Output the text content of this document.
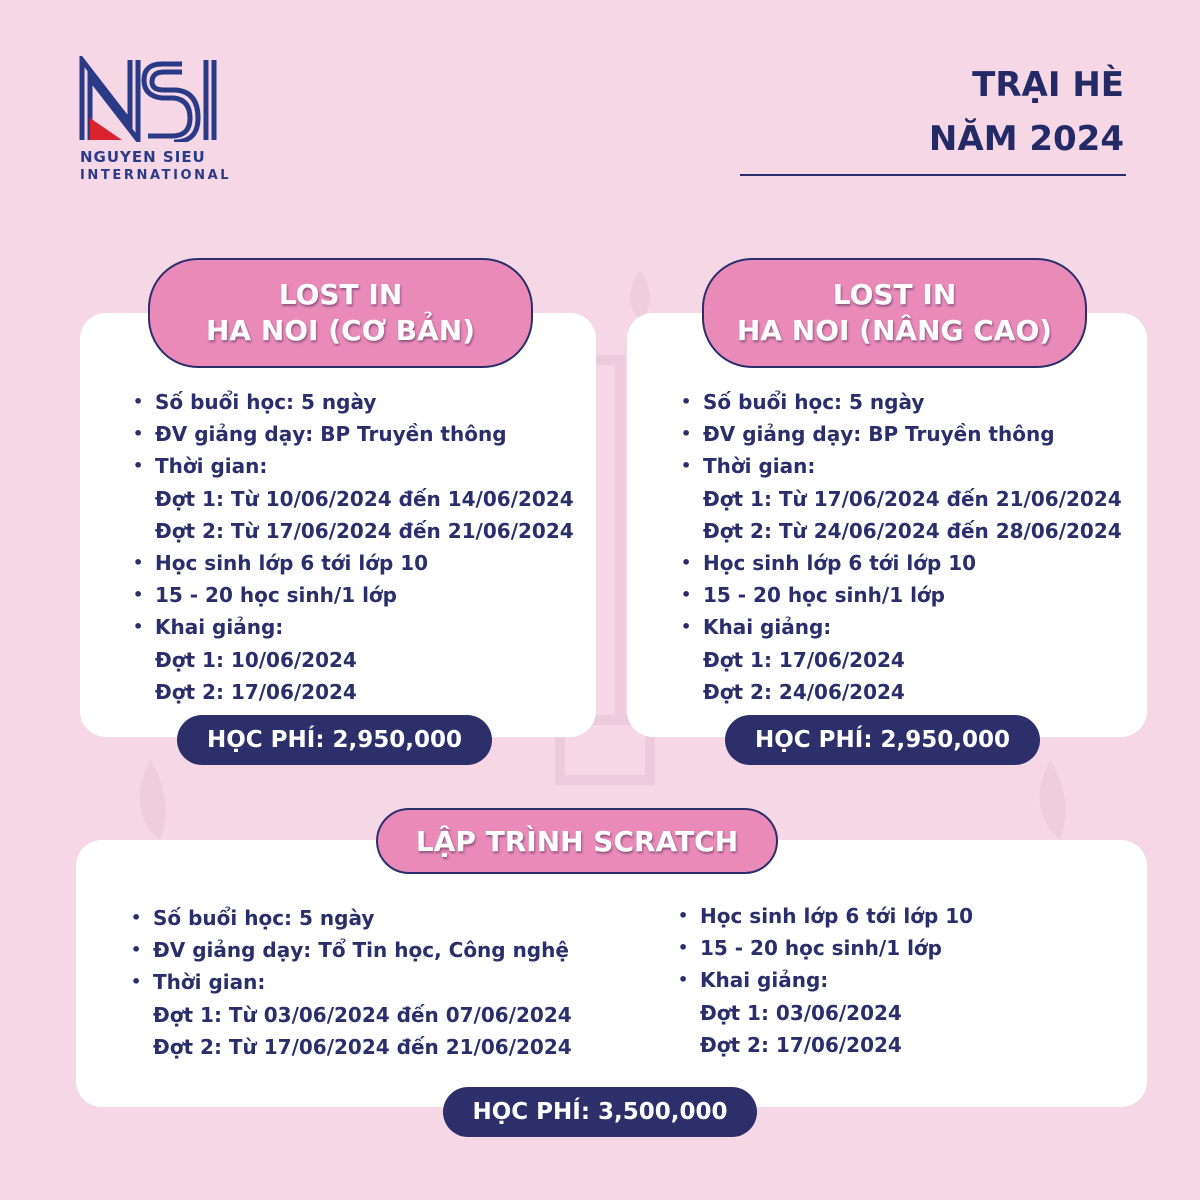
NGUYEN SIEU
INTERNATIONAL
TRẠI HÈ
NĂM 2024
LOST IN
HA NOI (CƠ BẢN)
• Số buổi học: 5 ngày
• ĐV giảng dạy: BP Truyền thông
• Thời gian:
Đợt 1: Từ 10/06/2024 đến 14/06/2024
Đợt 2: Từ 17/06/2024 đến 21/06/2024
• Học sinh lớp 6 tới lớp 10
• 15 - 20 học sinh/1 lớp
• Khai giảng:
Đợt 1: 10/06/2024
Đợt 2: 17/06/2024
HỌC PHÍ: 2,950,000
LOST IN
HA NOI (NÂNG CAO)
• Số buổi học: 5 ngày
• ĐV giảng dạy: BP Truyền thông
• Thời gian:
Đợt 1: Từ 17/06/2024 đến 21/06/2024
Đợt 2: Từ 24/06/2024 đến 28/06/2024
• Học sinh lớp 6 tới lớp 10
• 15 - 20 học sinh/1 lớp
• Khai giảng:
Đợt 1: 17/06/2024
Đợt 2: 24/06/2024
HỌC PHÍ: 2,950,000
LẬP TRÌNH SCRATCH
• Số buổi học: 5 ngày
• ĐV giảng dạy: Tổ Tin học, Công nghệ
• Thời gian:
Đợt 1: Từ 03/06/2024 đến 07/06/2024
Đợt 2: Từ 17/06/2024 đến 21/06/2024
• Học sinh lớp 6 tới lớp 10
• 15 - 20 học sinh/1 lớp
• Khai giảng:
Đợt 1: 03/06/2024
Đợt 2: 17/06/2024
HỌC PHÍ: 3,500,000
